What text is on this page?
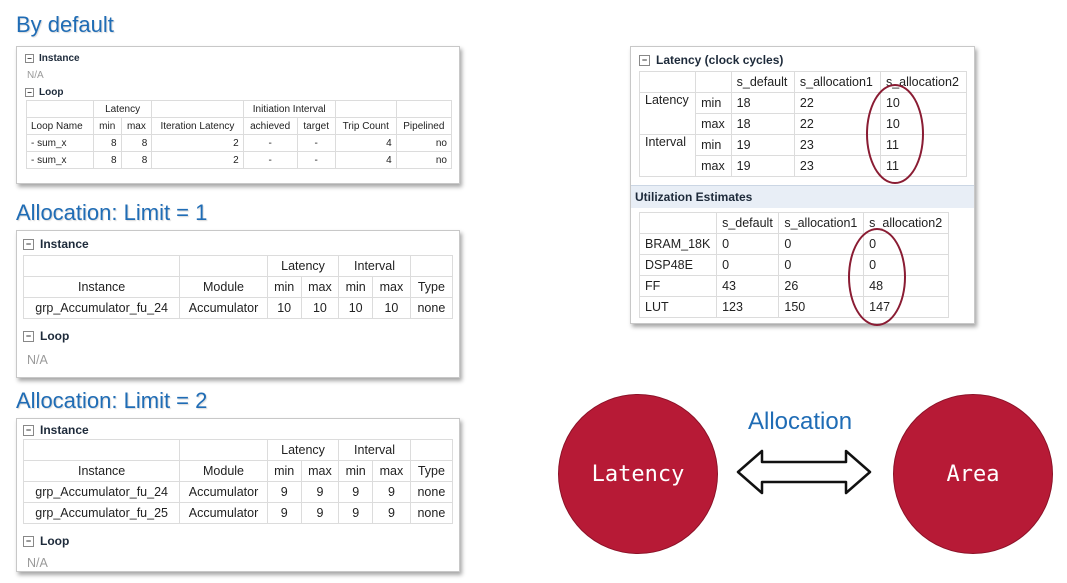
By default
Allocation: Limit = 1
Allocation: Limit = 2
− Instance
N/A
− Loop
	Latency			Initiation Interval			
Loop Name	min	max	Iteration Latency	achieved	target	Trip Count	Pipelined
- sum_x	8	8	2	-	-	4	no
- sum_x	8	8	2	-	-	4	no
− Instance
		Latency		Interval		
Instance	Module	min	max	min	max	Type
grp_Accumulator_fu_24	Accumulator	10	10	10	10	none
− Loop
N/A
− Instance
		Latency		Interval		
Instance	Module	min	max	min	max	Type
grp_Accumulator_fu_24	Accumulator	9	9	9	9	none
grp_Accumulator_fu_25	Accumulator	9	9	9	9	none
− Loop
N/A
− Latency (clock cycles)
		s_default	s_allocation1	s_allocation2
Latency	min	18	22	10
	max	18	22	10
Interval	min	19	23	11
	max	19	23	11
Utilization Estimates
	s_default	s_allocation1	s_allocation2
BRAM_18K	0	0	0
DSP48E	0	0	0
FF	43	26	48
LUT	123	150	147
Latency	Area
Allocation
